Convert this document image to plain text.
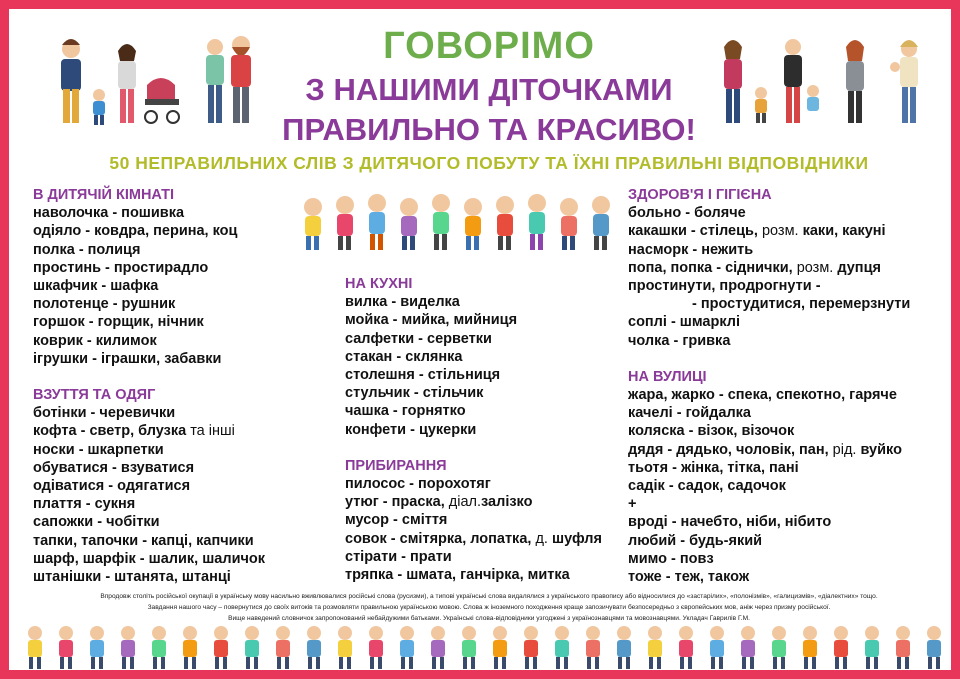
ГОВОРІМО
З НАШИМИ ДІТОЧКАМИ
ПРАВИЛЬНО ТА КРАСИВО!
50 НЕПРАВИЛЬНИХ СЛІВ З ДИТЯЧОГО ПОБУТУ ТА ЇХНІ ПРАВИЛЬНІ ВІДПОВІДНИКИ
В ДИТЯЧІЙ КІМНАТІ
наволочка - пошивка
одіяло - ковдра, перина, коц
полка - полиця
простинь - простирадло
шкафчик - шафка
полотенце - рушник
горшок - горщик, нічник
коврик - килимок
ігрушки - іграшки, забавки
ВЗУТТЯ ТА ОДЯГ
ботінки - черевички
кофта - светр, блузка та інші
носки - шкарпетки
обуватися - взуватися
одіватися - одягатися
плаття - сукня
сапожки - чобітки
тапки, тапочки - капці, капчики
шарф, шарфік - шалик, шаличок
штанішки - штанята, штанці
НА КУХНІ
вилка - виделка
мойка - мийка, мийниця
салфетки - серветки
стакан - склянка
столешня - стільниця
стульчик - стільчик
чашка - горнятко
конфети - цукерки
ПРИБИРАННЯ
пилосос - порохотяг
утюг - праска, діал.залізко
мусор - сміття
совок - смітярка, лопатка, д. шуфля
стірати - прати
тряпка - шмата, ганчірка, митка
ЗДОРОВ'Я І ГІГІЄНА
больно - боляче
какашки - стілець, розм. каки, какуні
насморк - нежить
попа, попка - сіднички, розм. дупця
простинути, продрогнути -
- простудитися, перемерзнути
соплі - шмарклі
чолка - гривка
НА ВУЛИЦІ
жара, жарко - спека, спекотно, гаряче
качелі - гойдалка
коляска - візок, візочок
дядя - дядько, чоловік, пан, рід. вуйко
тьотя - жінка, тітка, пані
садік - садок, садочок
+
вроді - начебто, ніби, нібито
любий - будь-який
мимо - повз
тоже - теж, також
Впродовж століть російської окупації в українську мову насильно вживлювалися російські слова (русизми), а типові українські слова видалялися з українського правопису або відносилися до «застарілих», «полонізмів», «галицизмів», «діалектних» тощо.
Завдання нашого часу – повернутися до своїх витоків та розмовляти правильною українською мовою. Слова ж іноземного походження краще запозичувати безпосередньо з європейських мов, аніж через призму російської.
Вище наведений словничок запропонований небайдужими батьками. Українські слова-відповідники узгоджені з українознавцями та мовознавцями. Укладач Гаврилів Г.М.
